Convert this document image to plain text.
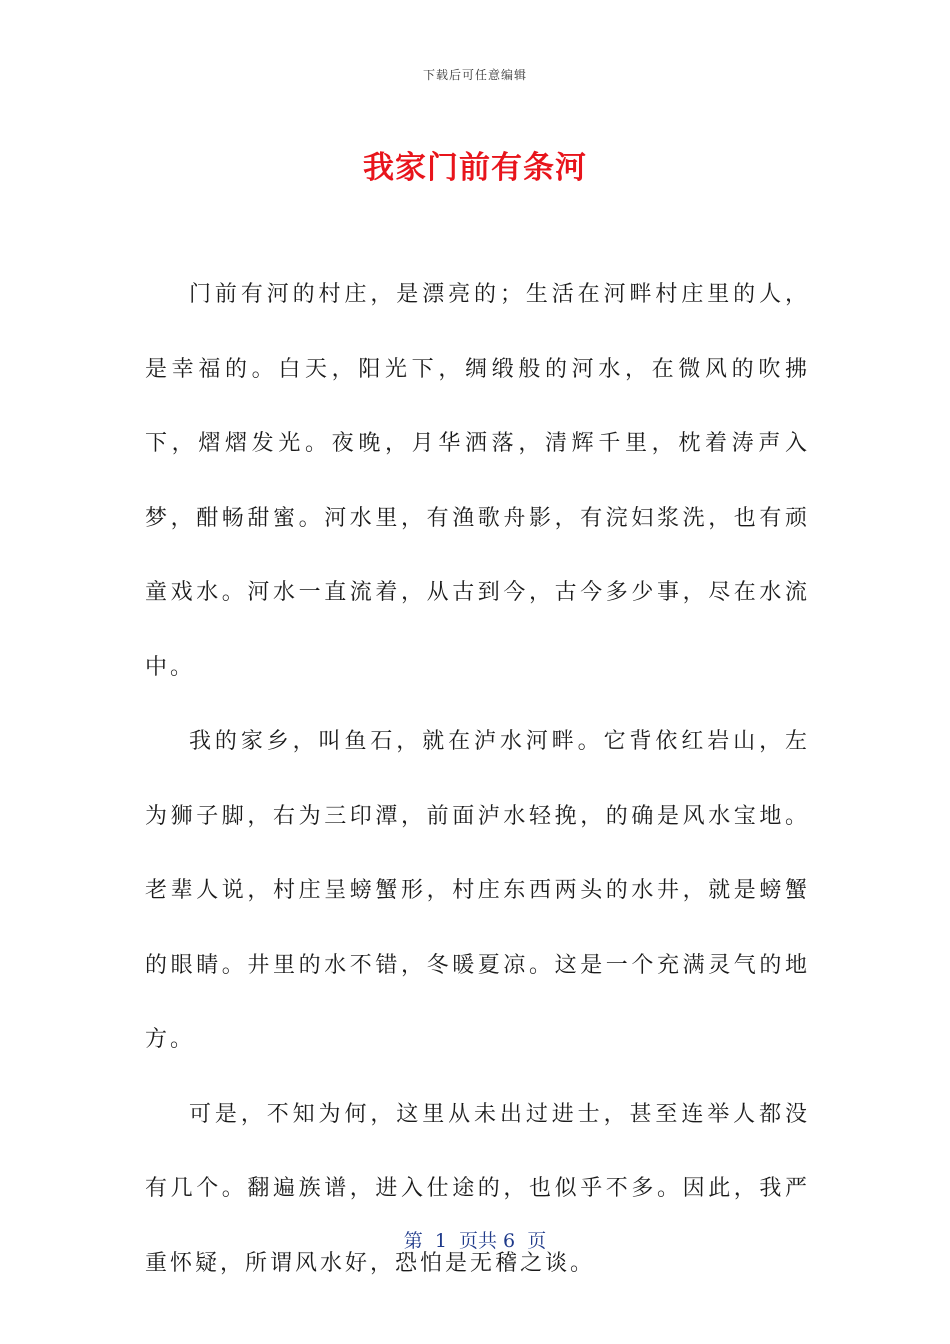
下载后可任意编辑
我家门前有条河

门前有河的村庄，是漂亮的；生活在河畔村庄里的人，是幸福的。白天，阳光下，绸缎般的河水，在微风的吹拂下，熠熠发光。夜晚，月华洒落，清辉千里，枕着涛声入梦，酣畅甜蜜。河水里，有渔歌舟影，有浣妇浆洗，也有顽童戏水。河水一直流着，从古到今，古今多少事，尽在水流中。

我的家乡，叫鱼石，就在泸水河畔。它背依红岩山，左为狮子脚，右为三印潭，前面泸水轻挽，的确是风水宝地。老辈人说，村庄呈螃蟹形，村庄东西两头的水井，就是螃蟹的眼睛。井里的水不错，冬暖夏凉。这是一个充满灵气的地方。

可是，不知为何，这里从未出过进士，甚至连举人都没有几个。翻遍族谱，进入仕途的，也似乎不多。因此，我严重怀疑，所谓风水好，恐怕是无稽之谈。

第  1  页共 6  页
